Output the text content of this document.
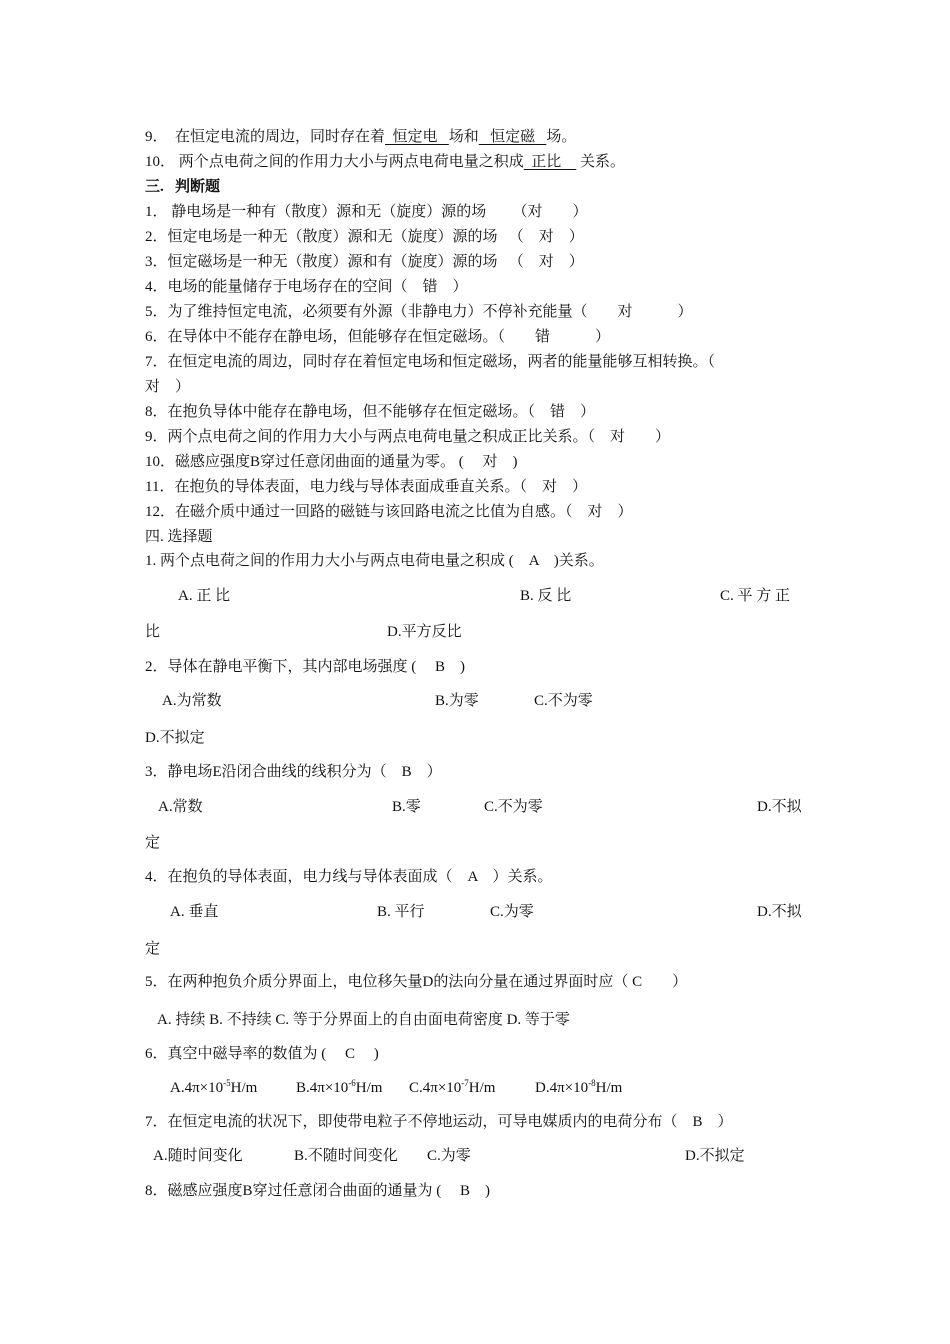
9． 在恒定电流的周边，同时存在着 恒定电 场和 恒定磁 场。
10． 两个点电荷之间的作用力大小与两点电荷电量之积成 正比 关系。
三. 判断题
1． 静电场是一种有（散度）源和无（旋度）源的场 （对　　）
2．恒定电场是一种无（散度）源和无（旋度）源的场 （　对　）
3．恒定磁场是一种无（散度）源和有（旋度）源的场 （　对　）
4．电场的能量储存于电场存在的空间（　错　）
5．为了维持恒定电流，必须要有外源（非静电力）不停补充能量（　　对　　　）
6．在导体中不能存在静电场，但能够存在恒定磁场。（　　错　　　）
7．在恒定电流的周边，同时存在着恒定电场和恒定磁场，两者的能量能够互相转换。（
对　）
8．在抱负导体中能存在静电场，但不能够存在恒定磁场。（　错　）
9．两个点电荷之间的作用力大小与两点电荷电量之积成正比关系。（　对　　）
10．磁感应强度B穿过任意闭曲面的通量为零。 (　 对　)
11．在抱负的导体表面，电力线与导体表面成垂直关系。（　对　）
12．在磁介质中通过一回路的磁链与该回路电流之比值为自感。（　对　）
四. 选择题
1. 两个点电荷之间的作用力大小与两点电荷电量之积成 (　A　)关系。
A. 正 比	B. 反 比	C. 平 方 正
比	D.平方反比
2．导体在静电平衡下，其内部电场强度 (　 B　)
A.为常数	B.为零	C.不为零
D.不拟定
3．静电场E沿闭合曲线的线积分为（　B　）
A.常数	B.零	C.不为零	D.不拟
定
4．在抱负的导体表面，电力线与导体表面成（　A　）关系。
A. 垂直	B. 平行	C.为零	D.不拟
定
5．在两种抱负介质分界面上，电位移矢量D的法向分量在通过界面时应（ C　　）
A. 持续 B. 不持续 C. 等于分界面上的自由面电荷密度 D. 等于零
6．真空中磁导率的数值为 (　 C　 )
$A.4\pi\times 10^{-5}H/m$	$B.4\pi\times 10^{-6}H/m$ $C.4\pi\times 10^{-7}H/m$	$D.4\pi\times 10^{-8}H/m$
7．在恒定电流的状况下，即使带电粒子不停地运动，可导电媒质内的电荷分布（　B　）
A.随时间变化	B.不随时间变化 C.为零	D.不拟定
8．磁感应强度B穿过任意闭合曲面的通量为 (　 B　)
